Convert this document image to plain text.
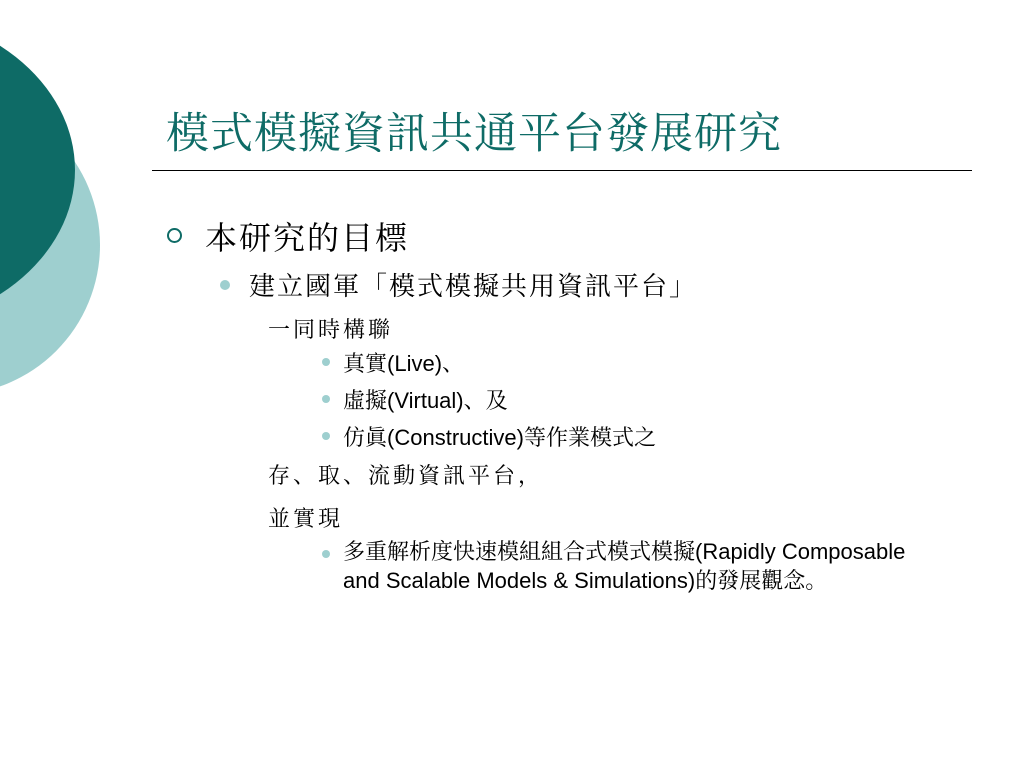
模式模擬資訊共通平台發展研究
本研究的目標
建立國軍「模式模擬共用資訊平台」
一同時構聯
真實(Live)、
虛擬(Virtual)、及
仿眞(Constructive)等作業模式之
存、取、流動資訊平台，
並實現
多重解析度快速模組組合式模式模擬(Rapidly Composable and Scalable Models & Simulations)的發展觀念。
